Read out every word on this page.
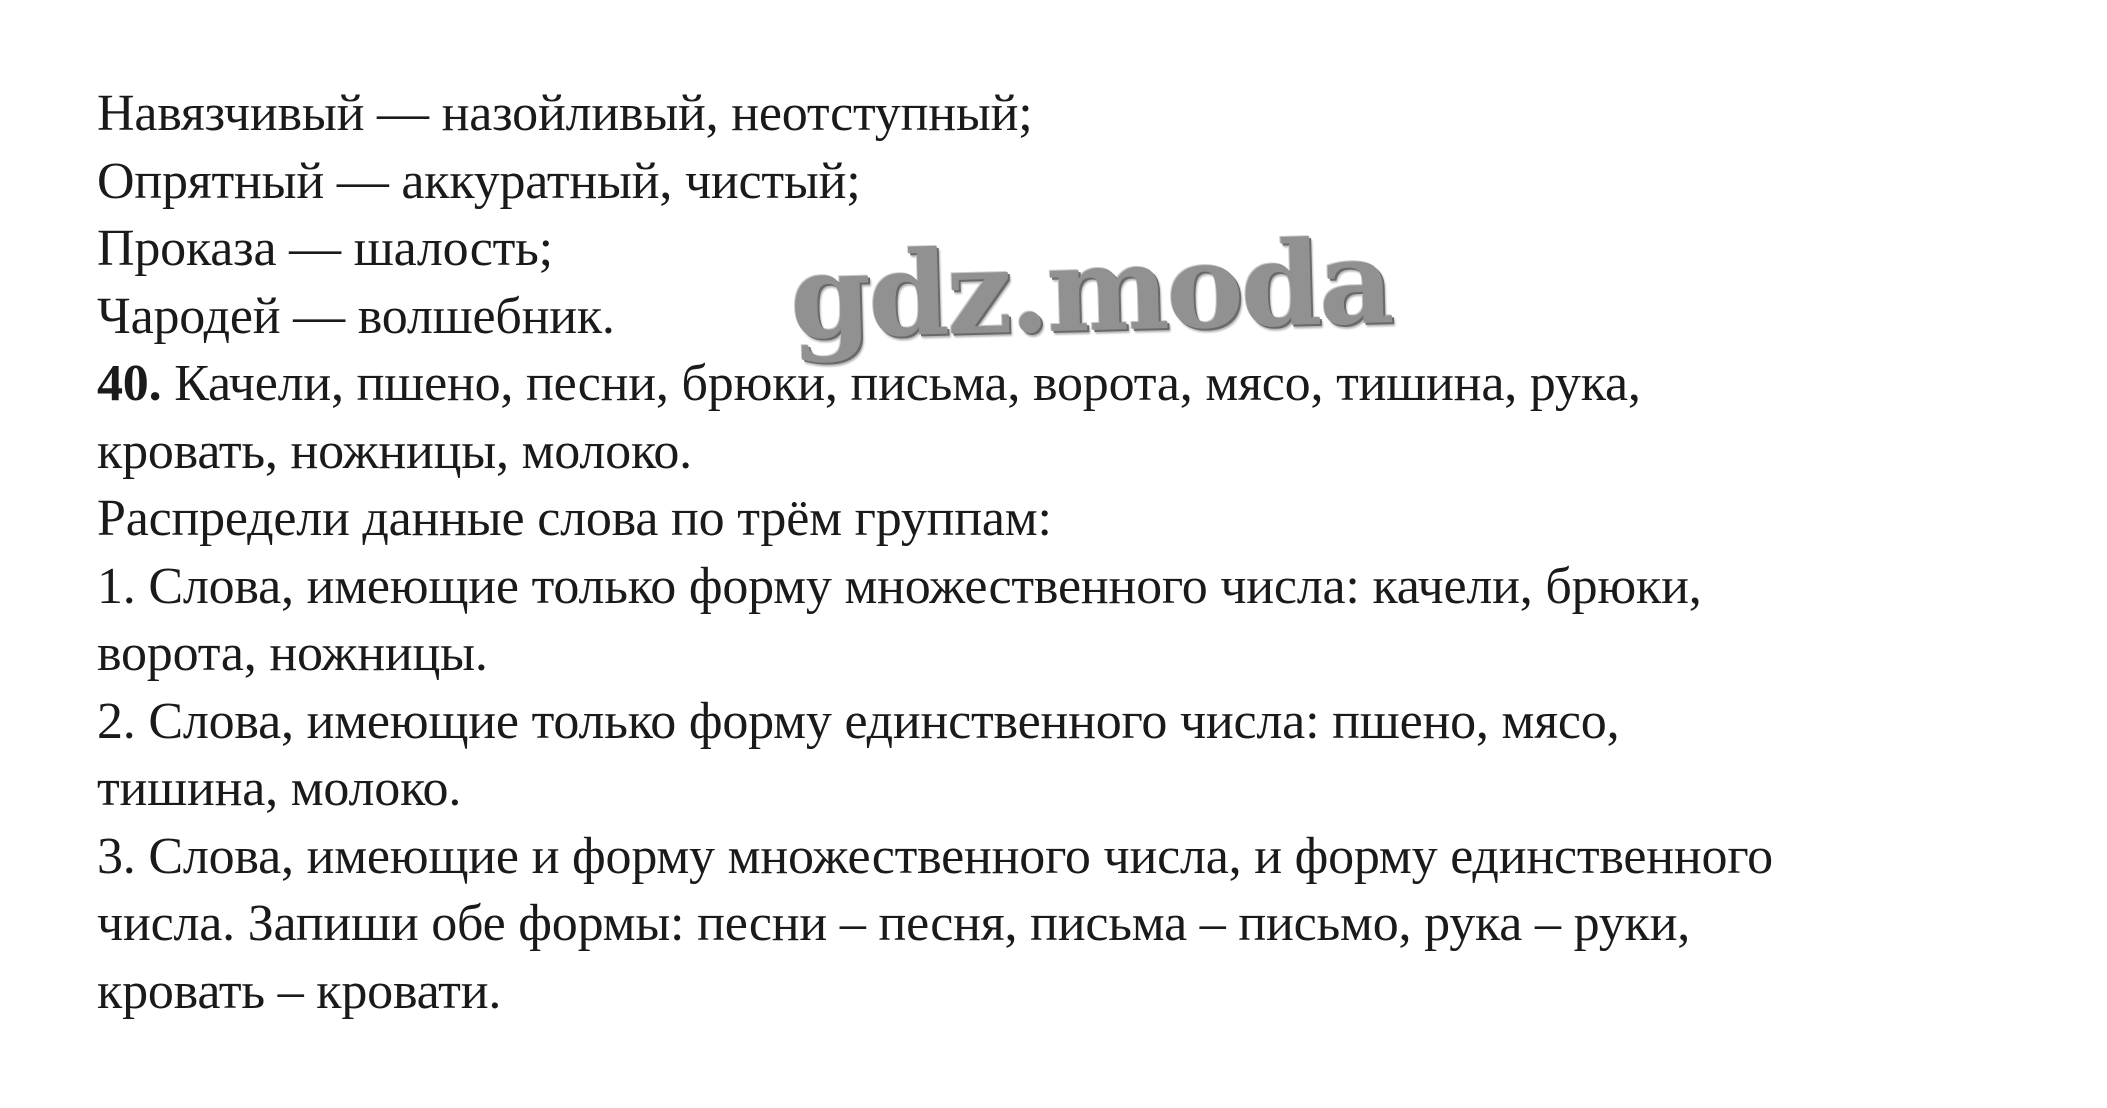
Навязчивый — назойливый, неотступный;
Опрятный — аккуратный, чистый;
Проказа — шалость;
Чародей — волшебник.
40. Качели, пшено, песни, брюки, письма, ворота, мясо, тишина, рука,
кровать, ножницы, молоко.
Распредели данные слова по трём группам:
1. Слова, имеющие только форму множественного числа: качели, брюки,
ворота, ножницы.
2. Слова, имеющие только форму единственного числа: пшено, мясо,
тишина, молоко.
3. Слова, имеющие и форму множественного числа, и форму единственного
числа. Запиши обе формы: песни – песня, письма – письмо, рука – руки,
кровать – кровати.
gdz.moda
